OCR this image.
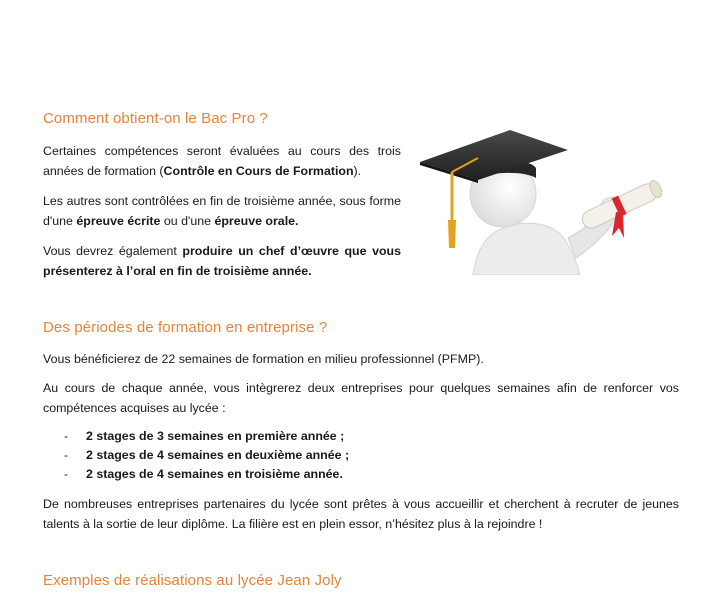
Comment obtient-on le Bac Pro ?

Certaines compétences seront évaluées au cours des trois années de formation (Contrôle en Cours de Formation).

Les autres sont contrôlées en fin de troisième année, sous forme d'une épreuve écrite ou d'une épreuve orale.

Vous devrez également produire un chef d’œuvre que vous présenterez à l’oral en fin de troisième année.

Des périodes de formation en entreprise ?

Vous bénéficierez de 22 semaines de formation en milieu professionnel (PFMP).

Au cours de chaque année, vous intègrerez deux entreprises pour quelques semaines afin de renforcer vos compétences acquises au lycée :

- 2 stages de 3 semaines en première année ;
- 2 stages de 4 semaines en deuxième année ;
- 2 stages de 4 semaines en troisième année.

De nombreuses entreprises partenaires du lycée sont prêtes à vous accueillir et cherchent à recruter de jeunes talents à la sortie de leur diplôme. La filière est en plein essor, n’hésitez plus à la rejoindre !

Exemples de réalisations au lycée Jean Joly
